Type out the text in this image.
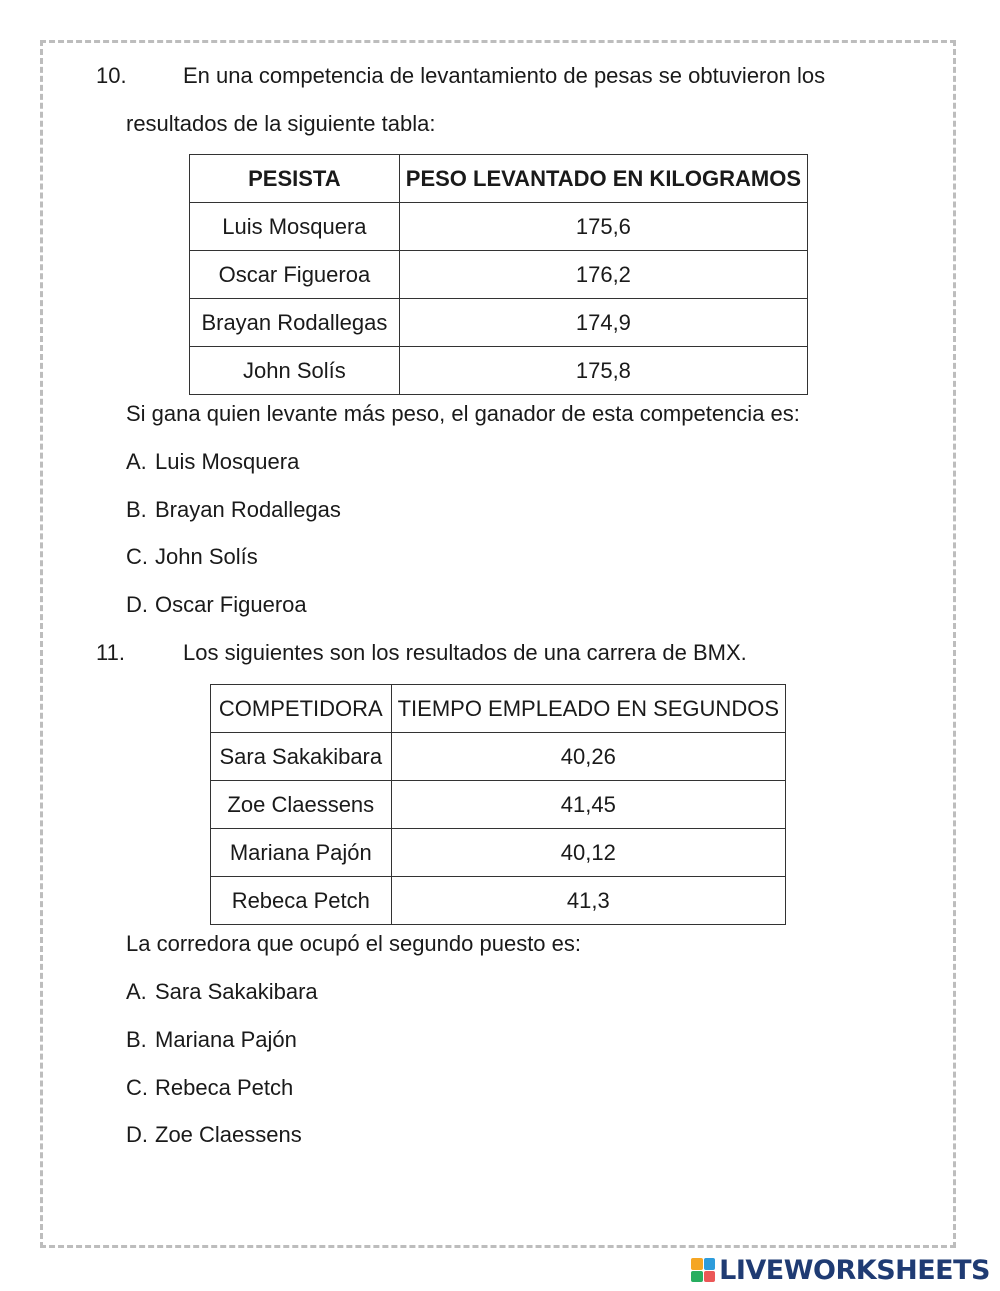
10.	En una competencia de levantamiento de pesas se obtuvieron los
resultados de la siguiente tabla:
PESISTA	PESO LEVANTADO EN KILOGRAMOS
Luis Mosquera	175,6
Oscar Figueroa	176,2
Brayan Rodallegas	174,9
John Solís	175,8
Si gana quien levante más peso, el ganador de esta competencia es:
A. Luis Mosquera
B. Brayan Rodallegas
C. John Solís
D. Oscar Figueroa
11.	Los siguientes son los resultados de una carrera de BMX.
COMPETIDORA	TIEMPO EMPLEADO EN SEGUNDOS
Sara Sakakibara	40,26
Zoe Claessens	41,45
Mariana Pajón	40,12
Rebeca Petch	41,3
La corredora que ocupó el segundo puesto es:
A. Sara Sakakibara
B. Mariana Pajón
C. Rebeca Petch
D. Zoe Claessens
LIVEWORKSHEETS
